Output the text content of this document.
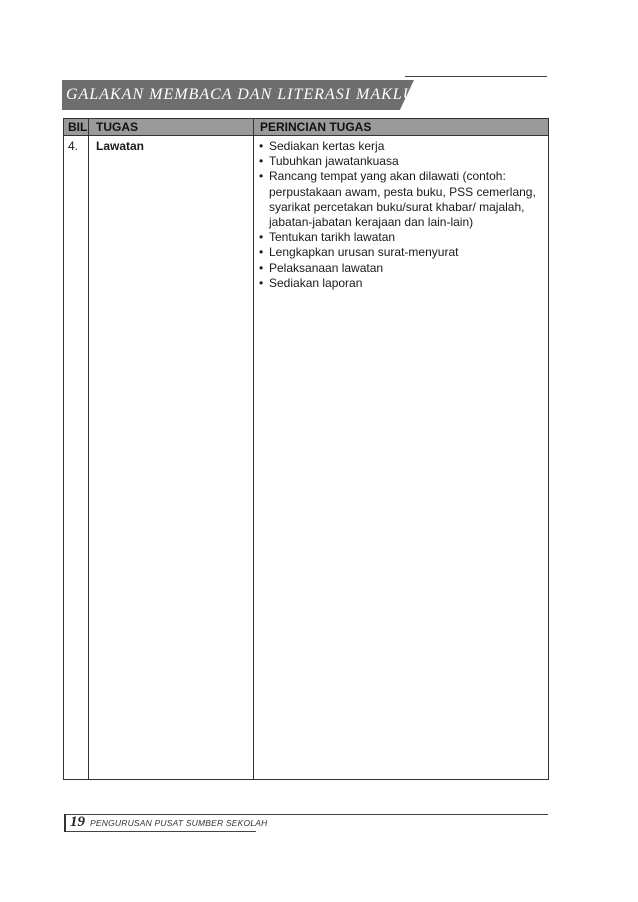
GALAKAN MEMBACA DAN LITERASI MAKLUMAT
BIL TUGAS	PERINCIAN TUGAS
4. Lawatan
•	Sediakan kertas kerja
• Tubuhkan jawatankuasa
• Rancang tempat yang akan dilawati (contoh: perpustakaan awam, pesta buku, PSS cemerlang, syarikat percetakan buku/surat khabar/ majalah, jabatan-jabatan kerajaan dan lain-lain)
• Tentukan tarikh lawatan
• Lengkapkan urusan surat-menyurat
• Pelaksanaan lawatan
• Sediakan laporan
19 PENGURUSAN PUSAT SUMBER SEKOLAH
